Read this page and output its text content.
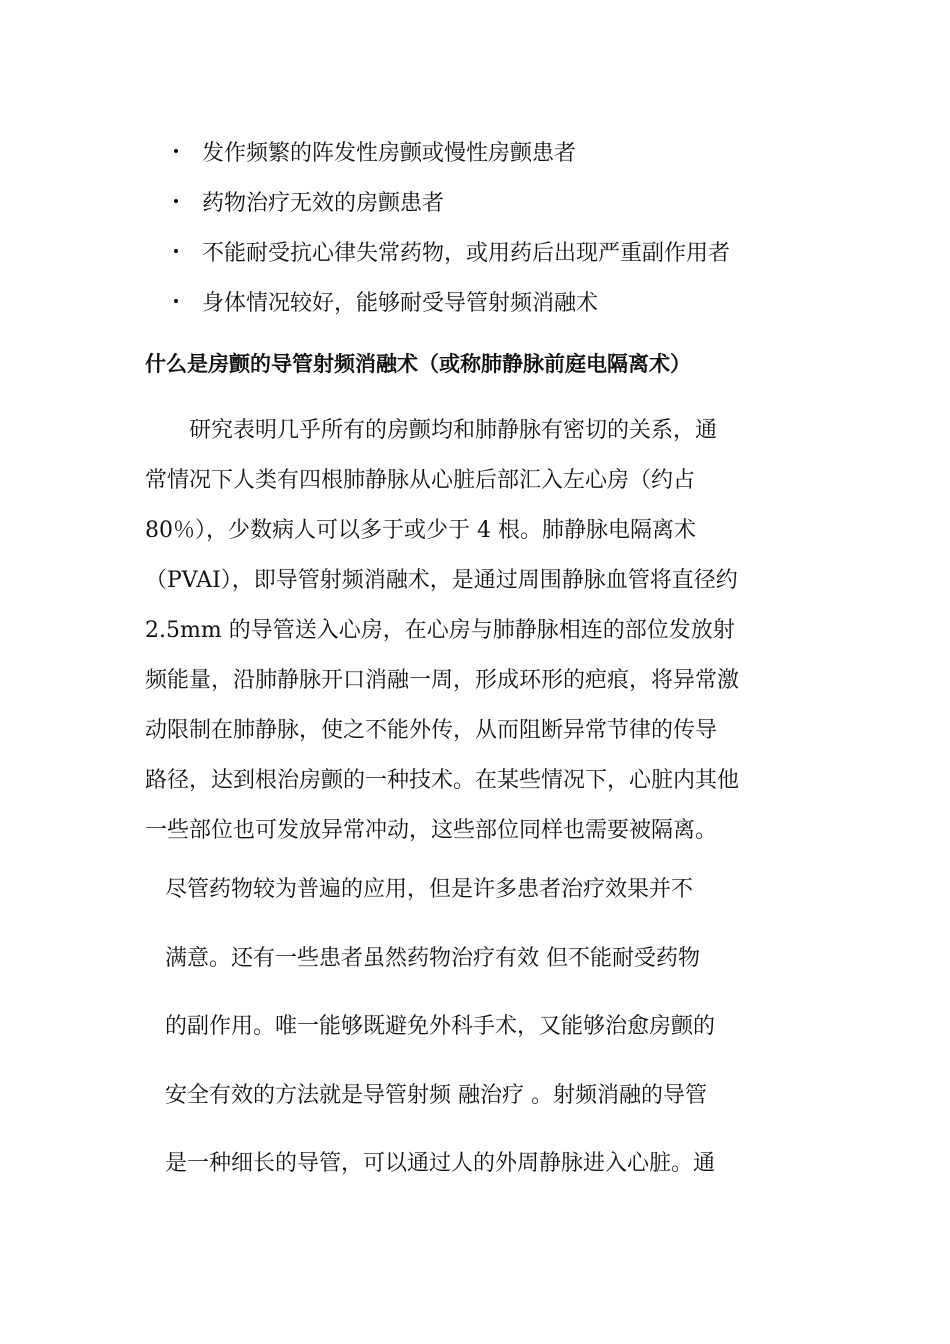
发作频繁的阵发性房颤或慢性房颤患者
药物治疗无效的房颤患者
不能耐受抗心律失常药物，或用药后出现严重副作用者
身体情况较好，能够耐受导管射频消融术
什么是房颤的导管射频消融术（或称肺静脉前庭电隔离术）
　　研究表明几乎所有的房颤均和肺静脉有密切的关系，通
常情况下人类有四根肺静脉从心脏后部汇入左心房（约占
80％），少数病人可以多于或少于 4 根。肺静脉电隔离术
（PVAI），即导管射频消融术，是通过周围静脉血管将直径约
2.5mm 的导管送入心房，在心房与肺静脉相连的部位发放射
频能量，沿肺静脉开口消融一周，形成环形的疤痕，将异常激
动限制在肺静脉，使之不能外传，从而阻断异常节律的传导
路径，达到根治房颤的一种技术。在某些情况下，心脏内其他
一些部位也可发放异常冲动，这些部位同样也需要被隔离。
尽管药物较为普遍的应用，但是许多患者治疗效果并不
满意。还有一些患者虽然药物治疗有效 但不能耐受药物
的副作用。唯一能够既避免外科手术，又能够治愈房颤的
安全有效的方法就是导管射频 融治疗 。射频消融的导管
是一种细长的导管，可以通过人的外周静脉进入心脏。通
